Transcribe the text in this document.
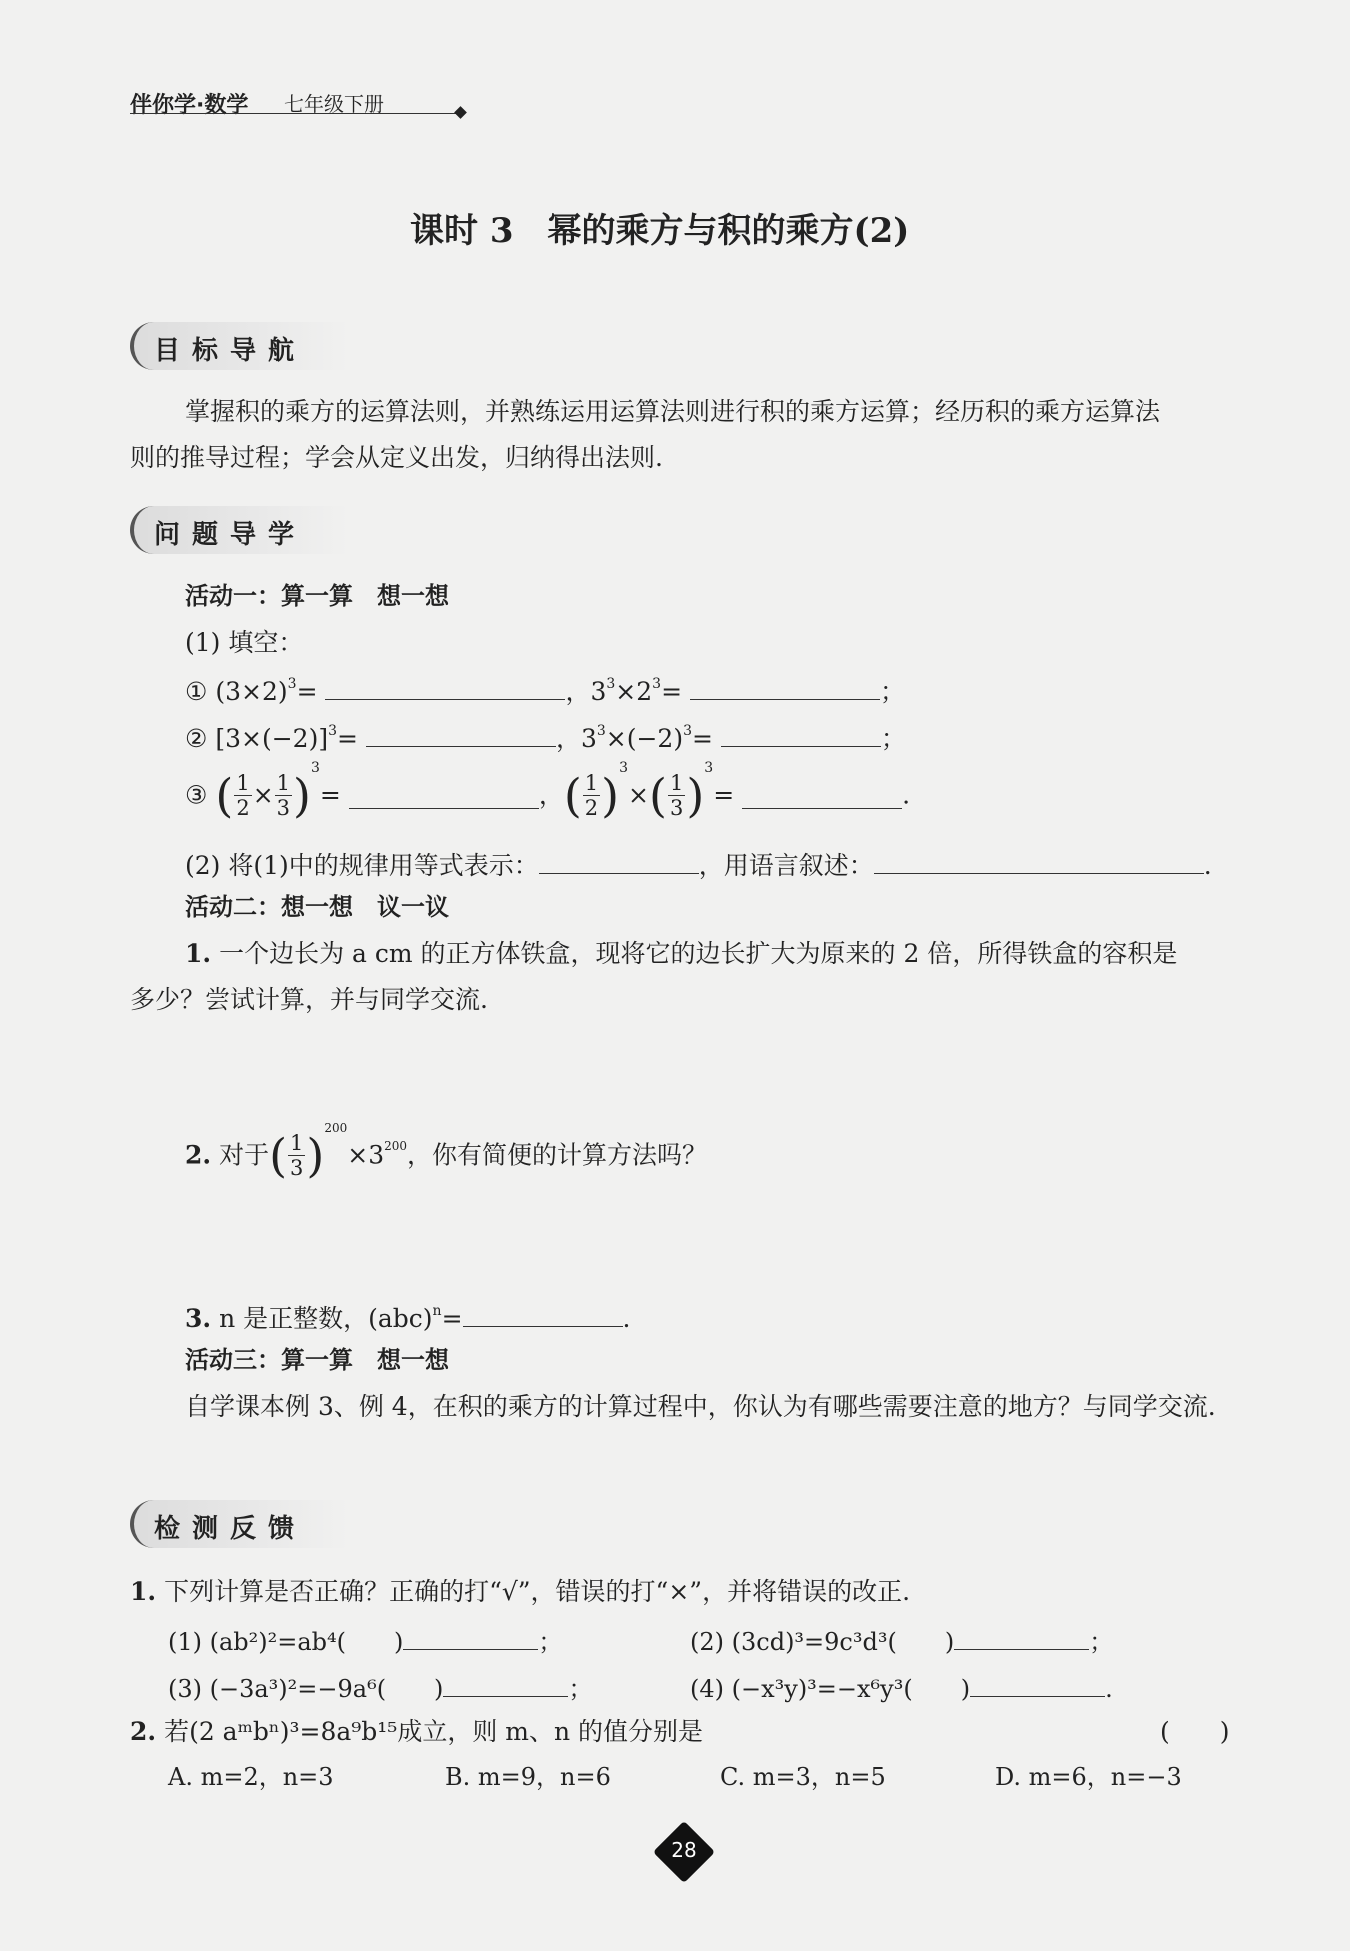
伴你学·数学 七年级下册
课时 3　幂的乘方与积的乘方(2)
目标导航
掌握积的乘方的运算法则，并熟练运用运算法则进行积的乘方运算；经历积的乘方运算法
则的推导过程；学会从定义出发，归纳得出法则.
问题导学
活动一：算一算　想一想
(1) 填空：
① $(3\times 2)^3=$	，$3^3\times 2^3=$	；
② $[3\times(-2)]^3=$	，$3^3\times(-2)^3=$	；
③ ( $\frac{1}{2} \times \frac{1}{3} )^3=$	，( $\frac{1}{2} )^3\times( \frac{1}{3} )^3=$	.
(2) 将(1)中的规律用等式表示：	，用语言叙述：	.
活动二：想一想　议一议
1. 一个边长为 a cm 的正方体铁盒，现将它的边长扩大为原来的 2 倍，所得铁盒的容积是
多少？尝试计算，并与同学交流.
2. 对于( $\frac{1}{3} )^{200}\times 3^{200}$，你有简便的计算方法吗？
3. n 是正整数，(abc)$^n$=	.
活动三：算一算　想一想
自学课本例 3、例 4，在积的乘方的计算过程中，你认为有哪些需要注意的地方？与同学交流.
检测反馈
1. 下列计算是否正确？正确的打“√”，错误的打“×”，并将错误的改正.
(1) (ab²)²=ab⁴(　　)	；	(2) (3cd)³=9c³d³(　　)	；
(3) (−3a³)²=−9a⁶(　　)	；	(4) (−x³y)³=−x⁶y³(　　)	.
2. 若(2 aᵐbⁿ)³=8a⁹b¹⁵成立，则 m、n 的值分别是	(　　)
A. m=2，n=3	B. m=9，n=6	C. m=3，n=5	D. m=6，n=−3
28
